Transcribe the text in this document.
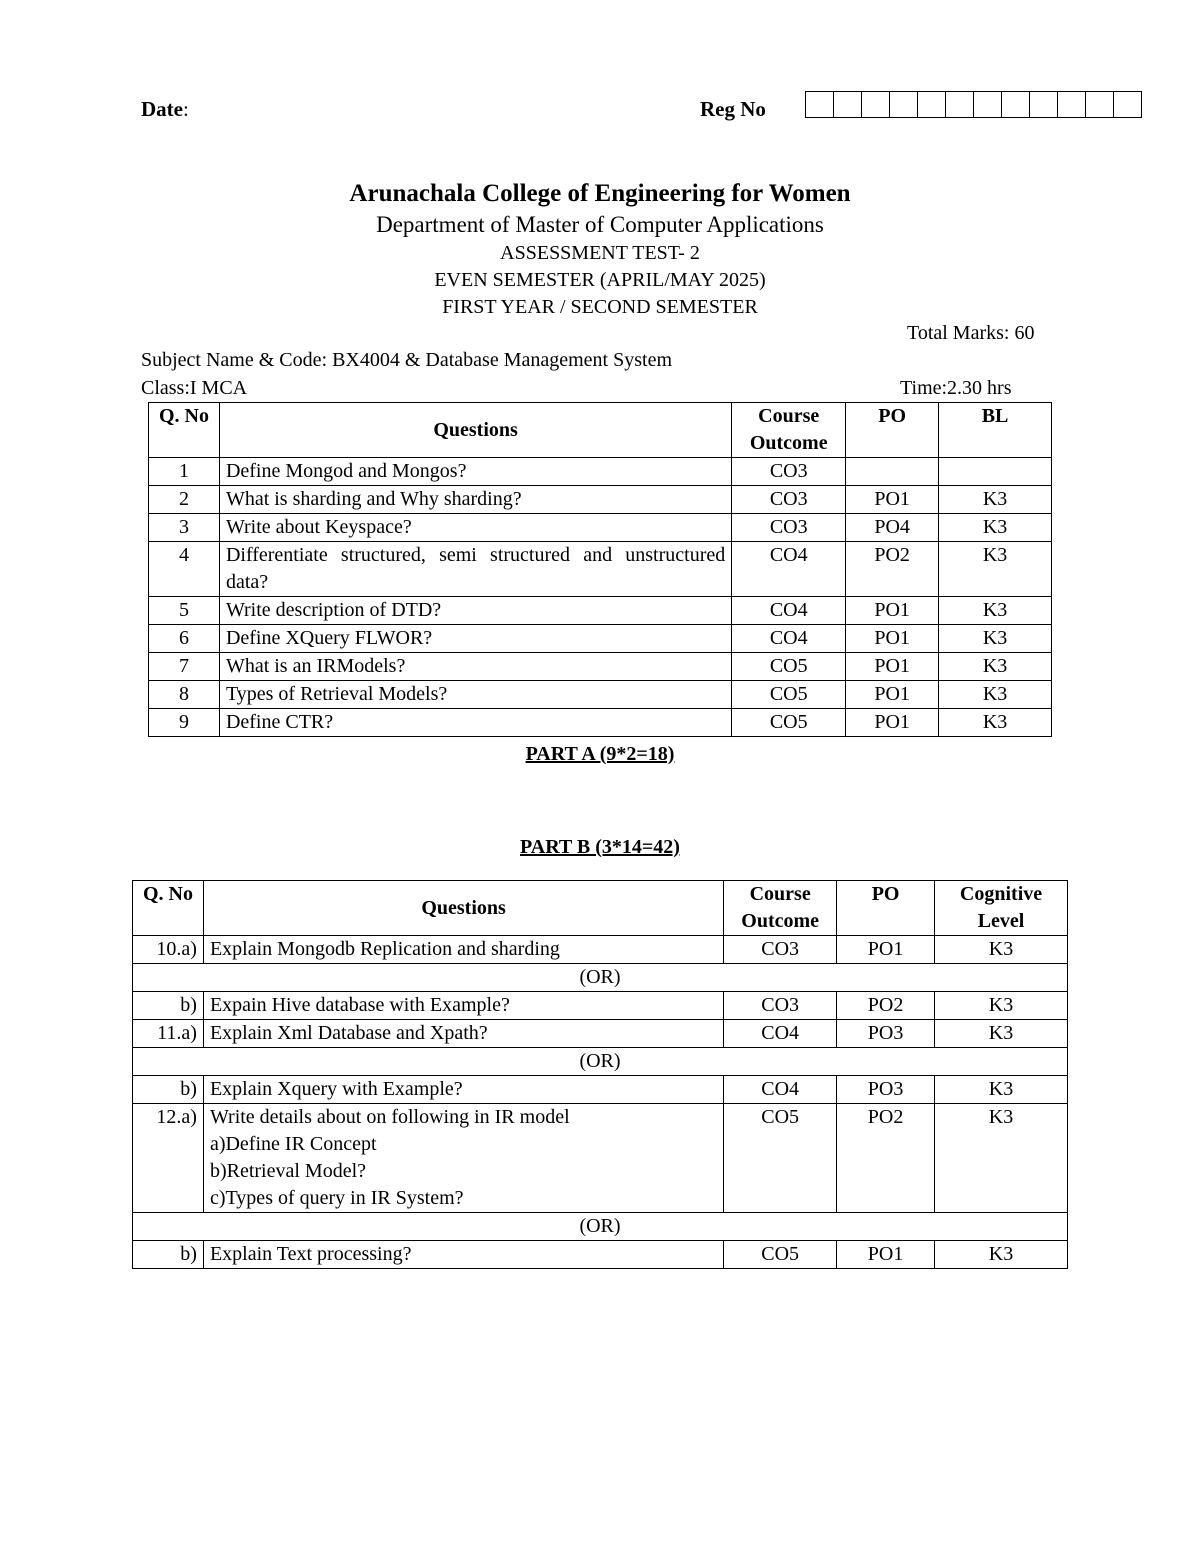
Date:	Reg No
Arunachala College of Engineering for Women
Department of Master of Computer Applications
ASSESSMENT TEST- 2
EVEN SEMESTER (APRIL/MAY 2025)
FIRST YEAR / SECOND SEMESTER
Total Marks: 60
Subject Name & Code: BX4004 & Database Management System
Class:I MCA	Time:2.30 hrs
Q. No	Questions	Course Outcome	PO	BL
1	Define Mongod and Mongos?	CO3		
2	What is sharding and Why sharding?	CO3	PO1	K3
3	Write about Keyspace?	CO3	PO4	K3
4	Differentiate structured, semi structured and unstructured data?	CO4	PO2	K3
5	Write description of DTD?	CO4	PO1	K3
6	Define XQuery FLWOR?	CO4	PO1	K3
7	What is an IRModels?	CO5	PO1	K3
8	Types of Retrieval Models?	CO5	PO1	K3
9	Define CTR?	CO5	PO1	K3
PART A (9*2=18)
PART B (3*14=42)
Q. No	Questions	Course Outcome	PO	Cognitive Level
10.a)	Explain Mongodb Replication and sharding	CO3	PO1	K3
(OR)				
b)	Expain Hive database with Example?	CO3	PO2	K3
11.a)	Explain Xml Database and Xpath?	CO4	PO3	K3
(OR)				
b)	Explain Xquery with Example?	CO4	PO3	K3
12.a)	Write details about on following in IR model
a)Define IR Concept
b)Retrieval Model?
c)Types of query in IR System?	CO5	PO2	K3
(OR)				
b)	Explain Text processing?	CO5	PO1	K3
